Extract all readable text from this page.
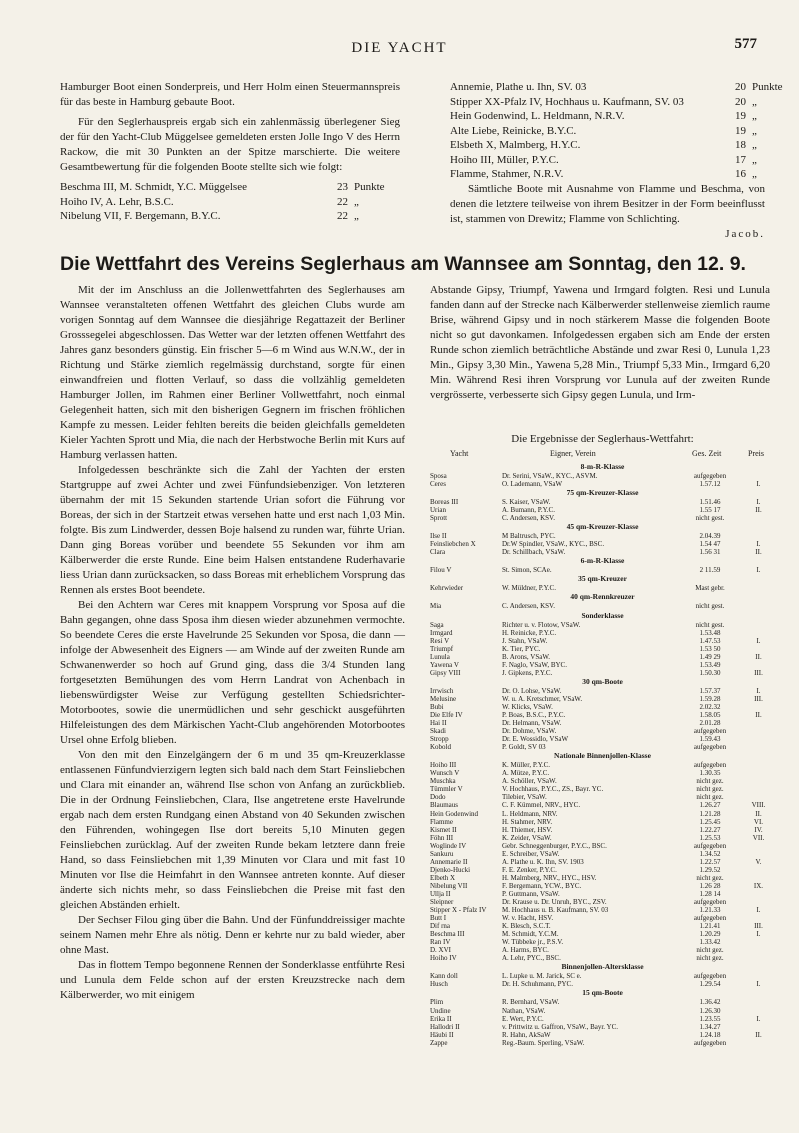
DIE YACHT	577

Hamburger Boot einen Sonderpreis, und Herr Holm einen Steuermannspreis für das beste in Hamburg gebaute Boot.

Für den Seglerhauspreis ergab sich ein zahlenmässig überlegener Sieg der für den Yacht-Club Müggelsee gemeldeten ersten Jolle Ingo V des Herrn Rackow, die mit 30 Punkten an der Spitze marschierte. Die weitere Gesamtbewertung für die folgenden Boote stellte sich wie folgt:

Beschma III, M. Schmidt, Y.C. Müggelsee	23 Punkte
Hoiho IV, A. Lehr, B.S.C.	22 „
Nibelung VII, F. Bergemann, B.Y.C.	22 „
Annemie, Plathe u. Ihn, SV. 03	20 Punkte
Stipper XX-Pfalz IV, Hochhaus u. Kaufmann, SV. 03	20 „
Hein Godenwind, L. Heldmann, N.R.V.	19 „
Alte Liebe, Reinicke, B.Y.C.	19 „
Elsbeth X, Malmberg, H.Y.C.	18 „
Hoiho III, Müller, P.Y.C.	17 „
Flamme, Stahmer, N.R.V.	16 „

Sämtliche Boote mit Ausnahme von Flamme und Beschma, von denen die letztere teilweise von ihrem Besitzer in der Form beeinflusst ist, stammen von Drewitz; Flamme von Schlichting.

Jacob.

Die Wettfahrt des Vereins Seglerhaus am Wannsee am Sonntag, den 12. 9.

Mit der im Anschluss an die Jollenwettfahrten des Seglerhauses am Wannsee veranstalteten offenen Wettfahrt des gleichen Clubs wurde am vorigen Sonntag auf dem Wannsee die diesjährige Regattazeit der Berliner Grosssegelei abgeschlossen. Das Wetter war der letzten offenen Wettfahrt des Jahres ganz besonders günstig. Ein frischer 5—6 m Wind aus W.N.W., der in Richtung und Stärke ziemlich regelmässig durchstand, sorgte für einen einwandfreien und flotten Verlauf, so dass die vollzählig gemeldeten Hamburger Jollen, im Rahmen einer Berliner Vollwettfahrt, noch einmal Gelegenheit hatten, sich mit den bisherigen Gegnern im frischen fröhlichen Kampfe zu messen. Leider fehlten bereits die beiden gleichfalls gemeldeten Kieler Yachten Sprott und Mia, die nach der Herbstwoche Berlin mit Kurs auf Hamburg verlassen hatten.

Infolgedessen beschränkte sich die Zahl der Yachten der ersten Startgruppe auf zwei Achter und zwei Fünfundsiebenziger. Von letzteren übernahm der mit 15 Sekunden startende Urian sofort die Führung vor Boreas, der sich in der Startzeit etwas versehen hatte und erst nach 1,03 Min. folgte. Bis zum Lindwerder, dessen Boje halsend zu runden war, führte Urian. Dann ging Boreas vorüber und beendete 55 Sekunden vor ihm am Kälberwerder die erste Runde. Eine beim Halsen entstandene Ruderhavarie liess Urian dann zurücksacken, so dass Boreas mit erheblichem Vorsprung das Rennen als erstes Boot beendete.

Bei den Achtern war Ceres mit knappem Vorsprung vor Sposa auf die Bahn gegangen, ohne dass Sposa ihm diesen wieder abzunehmen vermochte. So beendete Ceres die erste Havelrunde 25 Sekunden vor Sposa, die dann — infolge der Abwesenheit des Eigners — am Winde auf der zweiten Runde am Schwanenwerder so hoch auf Grund ging, dass die 3/4 Stunden lang fortgesetzten Bemühungen des vom Herrn Landrat von Achenbach in liebenswürdigster Weise zur Verfügung gestellten Schiedsrichter-Motorbootes, sowie die unermüdlichen und sehr geschickt ausgeführten Hilfeleistungen des dem Märkischen Yacht-Club angehörenden Motorbootes Ursel ohne Erfolg blieben.

Von den mit den Einzelgängern der 6 m und 35 qm-Kreuzerklasse entlassenen Fünfundvierzigern legten sich bald nach dem Start Feinsliebchen und Clara mit einander an, während Ilse schon von Anfang an zurückblieb. Die in der Ordnung Feinsliebchen, Clara, Ilse angetretene erste Havelrunde ergab nach dem ersten Rundgang einen Abstand von 40 Sekunden zwischen den Führenden, wohingegen Ilse dort bereits 5,10 Minuten gegen Feinsliebchen zurücklag. Auf der zweiten Runde bekam letztere dann freie Hand, so dass Feinsliebchen mit 1,39 Minuten vor Clara und mit fast 10 Minuten vor Ilse die Heimfahrt in den Wannsee antreten konnte. Auf dieser änderte sich nichts mehr, so dass Feinsliebchen die Preise mit fast den gleichen Abständen erhielt.

Der Sechser Filou ging über die Bahn. Und der Fünfunddreissiger machte seinem Namen mehr Ehre als nötig. Denn er kehrte nur zu bald wieder, aber ohne Mast.

Das in flottem Tempo begonnene Rennen der Sonderklasse entführte Resi und Lunula dem Felde schon auf der ersten Kreuzstrecke nach dem Kälberwerder, wo mit einigem

Abstande Gipsy, Triumpf, Yawena und Irmgard folgten. Resi und Lunula fanden dann auf der Strecke nach Kälberwerder stellenweise ziemlich raume Brise, während Gipsy und in noch stärkerem Masse die folgenden Boote nicht so gut davonkamen. Infolgedessen ergaben sich am Ende der ersten Runde schon ziemlich beträchtliche Abstände und zwar Resi 0, Lunula 1,23 Min., Gipsy 3,30 Min., Yawena 5,28 Min., Triumpf 5,33 Min., Irmgard 6,20 Min. Während Resi ihren Vorsprung vor Lunula auf der zweiten Runde vergrösserte, verbesserte sich Gipsy gegen Lunula, und Irm-

Die Ergebnisse der Seglerhaus-Wettfahrt:
Yacht	Eigner, Verein	Ges. Zeit	Preis
8-m-R-Klasse
Sposa	Dr. Serini, VSaW., KYC., ASVM.	aufgegeben
Ceres	O. Lademann, VSaW	1.57.12	I.
75 qm-Kreuzer-Klasse
Boreas III	S. Kaiser, VSaW.	1.51.46	I.
Urian	A. Bumann, P.Y.C.	1.55 17	II.
Sprott	C. Andersen, KSV.	nicht gest.
45 qm-Kreuzer-Klasse
Ilse II	M Baltrusch, PYC.	2.04.39
Feinsliebchen X	Dr.W Spindler, VSaW., KYC., BSC.	1.54 47	I.
Clara	Dr. Schillbach, VSaW.	1.56 31	II.
6-m-R-Klasse
Filou V	St. Simon, SCAe.	2 11.59	I.
35 qm-Kreuzer
Kehrwieder	W. Müldner, P.Y.C.	Mast gebr.
40 qm-Rennkreuzer
Mia	C. Andersen, KSV.	nicht gest.
Sonderklasse
Saga	Richter u. v. Flotow, VSaW.	nicht gest.
Irmgard	H. Reinicke, P.Y.C.	1.53.48
Resi V	J. Stahn, VSaW.	1.47.53	I.
Triumpf	K. Tier, PYC.	1.53 50
Lunula	B. Arons, VSaW.	1.49 29	II.
Yawena V	F. Naglo, VSaW, BYC.	1.53.49
Gipsy VIII	J. Gipkens, P.Y.C.	1.50.30	III.
30 qm-Boote
Irrwisch	Dr. O. Lohse, VSaW.	1.57.37	I.
Melusine	W. u. A. Kretschmer, VSaW.	1.59.28	III.
Bubi	W. Klicks, VSaW.	2.02.32
Die Elfe IV	P. Boas, B.S.C., P.Y.C.	1.58.05	II.
Hai II	Dr. Helmann, VSaW.	2.01.28
Skadi	Dr. Dohme, VSaW.	aufgegeben
Stropp	Dr. E. Wossidlo, VSaW	1.59.43
Kobold	P. Goldt, SV 03	aufgegeben
Nationale Binnenjollen-Klasse
Hoiho III	K. Müller, P.Y.C.	aufgegeben
Wunsch V	A. Mütze, P.Y.C.	1.30.35
Muschka	A. Schöller, VSaW.	nicht gez.
Tümmler V	V. Hochhaus, P.Y.C., ZS., Bayr. YC.	nicht gez.
Dodo	Tilebier, VSaW.	nicht gez.
Blaumaus	C. F. Kümmel, NRV., HYC.	1.26.27	VIII.
Hein Godenwind	L. Heldmann, NRV.	1.21.28	II.
Flamme	H. Stahmer, NRV.	1.25.45	VI.
Kismet II	H. Thiemer, HSV.	1.22.27	IV.
Föhn III	K. Zeider, VSaW.	1.25.53	VII.
Woglinde IV	Gebr. Schneggenburger, P.Y.C., BSC.	aufgegeben
Sankuru	E. Schreiber, VSaW.	1.34.52
Annemarie II	A. Plathe u. K. Ihn, SV. 1903	1.22.57	V.
Djenko-Hucki	F. E. Zenker, P.Y.C.	1.29.52
Elbeth X	H. Malmberg, NRV., HYC., HSV.	nicht gez.
Nibelung VII	F. Bergemann, YCW., BYC.	1.26 28	IX.
Ullja II	P. Guttmann, VSaW.	1.28 14
Sleipner	Dr. Krause u. Dr. Unruh, BYC., ZSV.	aufgegeben
Stipper X - Pfalz IV	M. Hochhaus u. B. Kaufmann, SV. 03	1.21.33	I.
Butt I	W. v. Hacht, HSV.	aufgegeben
Dif rna	K. Blesch, S.C.T.	1.21.41	III.
Beschma III	M. Schmidt, Y.C.M.	1.20.29	I.
Ran IV	W. Tübbeke jr., P.S.V.	1.33.42
D. XVI	A. Harms, BYC.	nicht gez.
Hoiho IV	A. Lehr, PYC., BSC.	nicht gez.
Binnenjollen-Altersklasse
Kann doll	L. Lupke u. M. Jarick, SC e.	aufgegeben
Husch	Dr. H. Schuhmann, PYC.	1.29.54	I.
15 qm-Boote
Plim	R. Bernhard, VSaW.	1.36.42
Undine	Nathan, VSaW.	1.26.30
Erika II	E. Wert, P.Y.C.	1.23.55	I.
Hallodri II	v. Prittwitz u. Gaffron, VSaW., Bayr. YC.	1.34.27
Häubi II	R. Hahn, AkSaW	1.24.18	II.
Zappe	Reg.-Baum. Sperling, VSaW.	aufgegeben
